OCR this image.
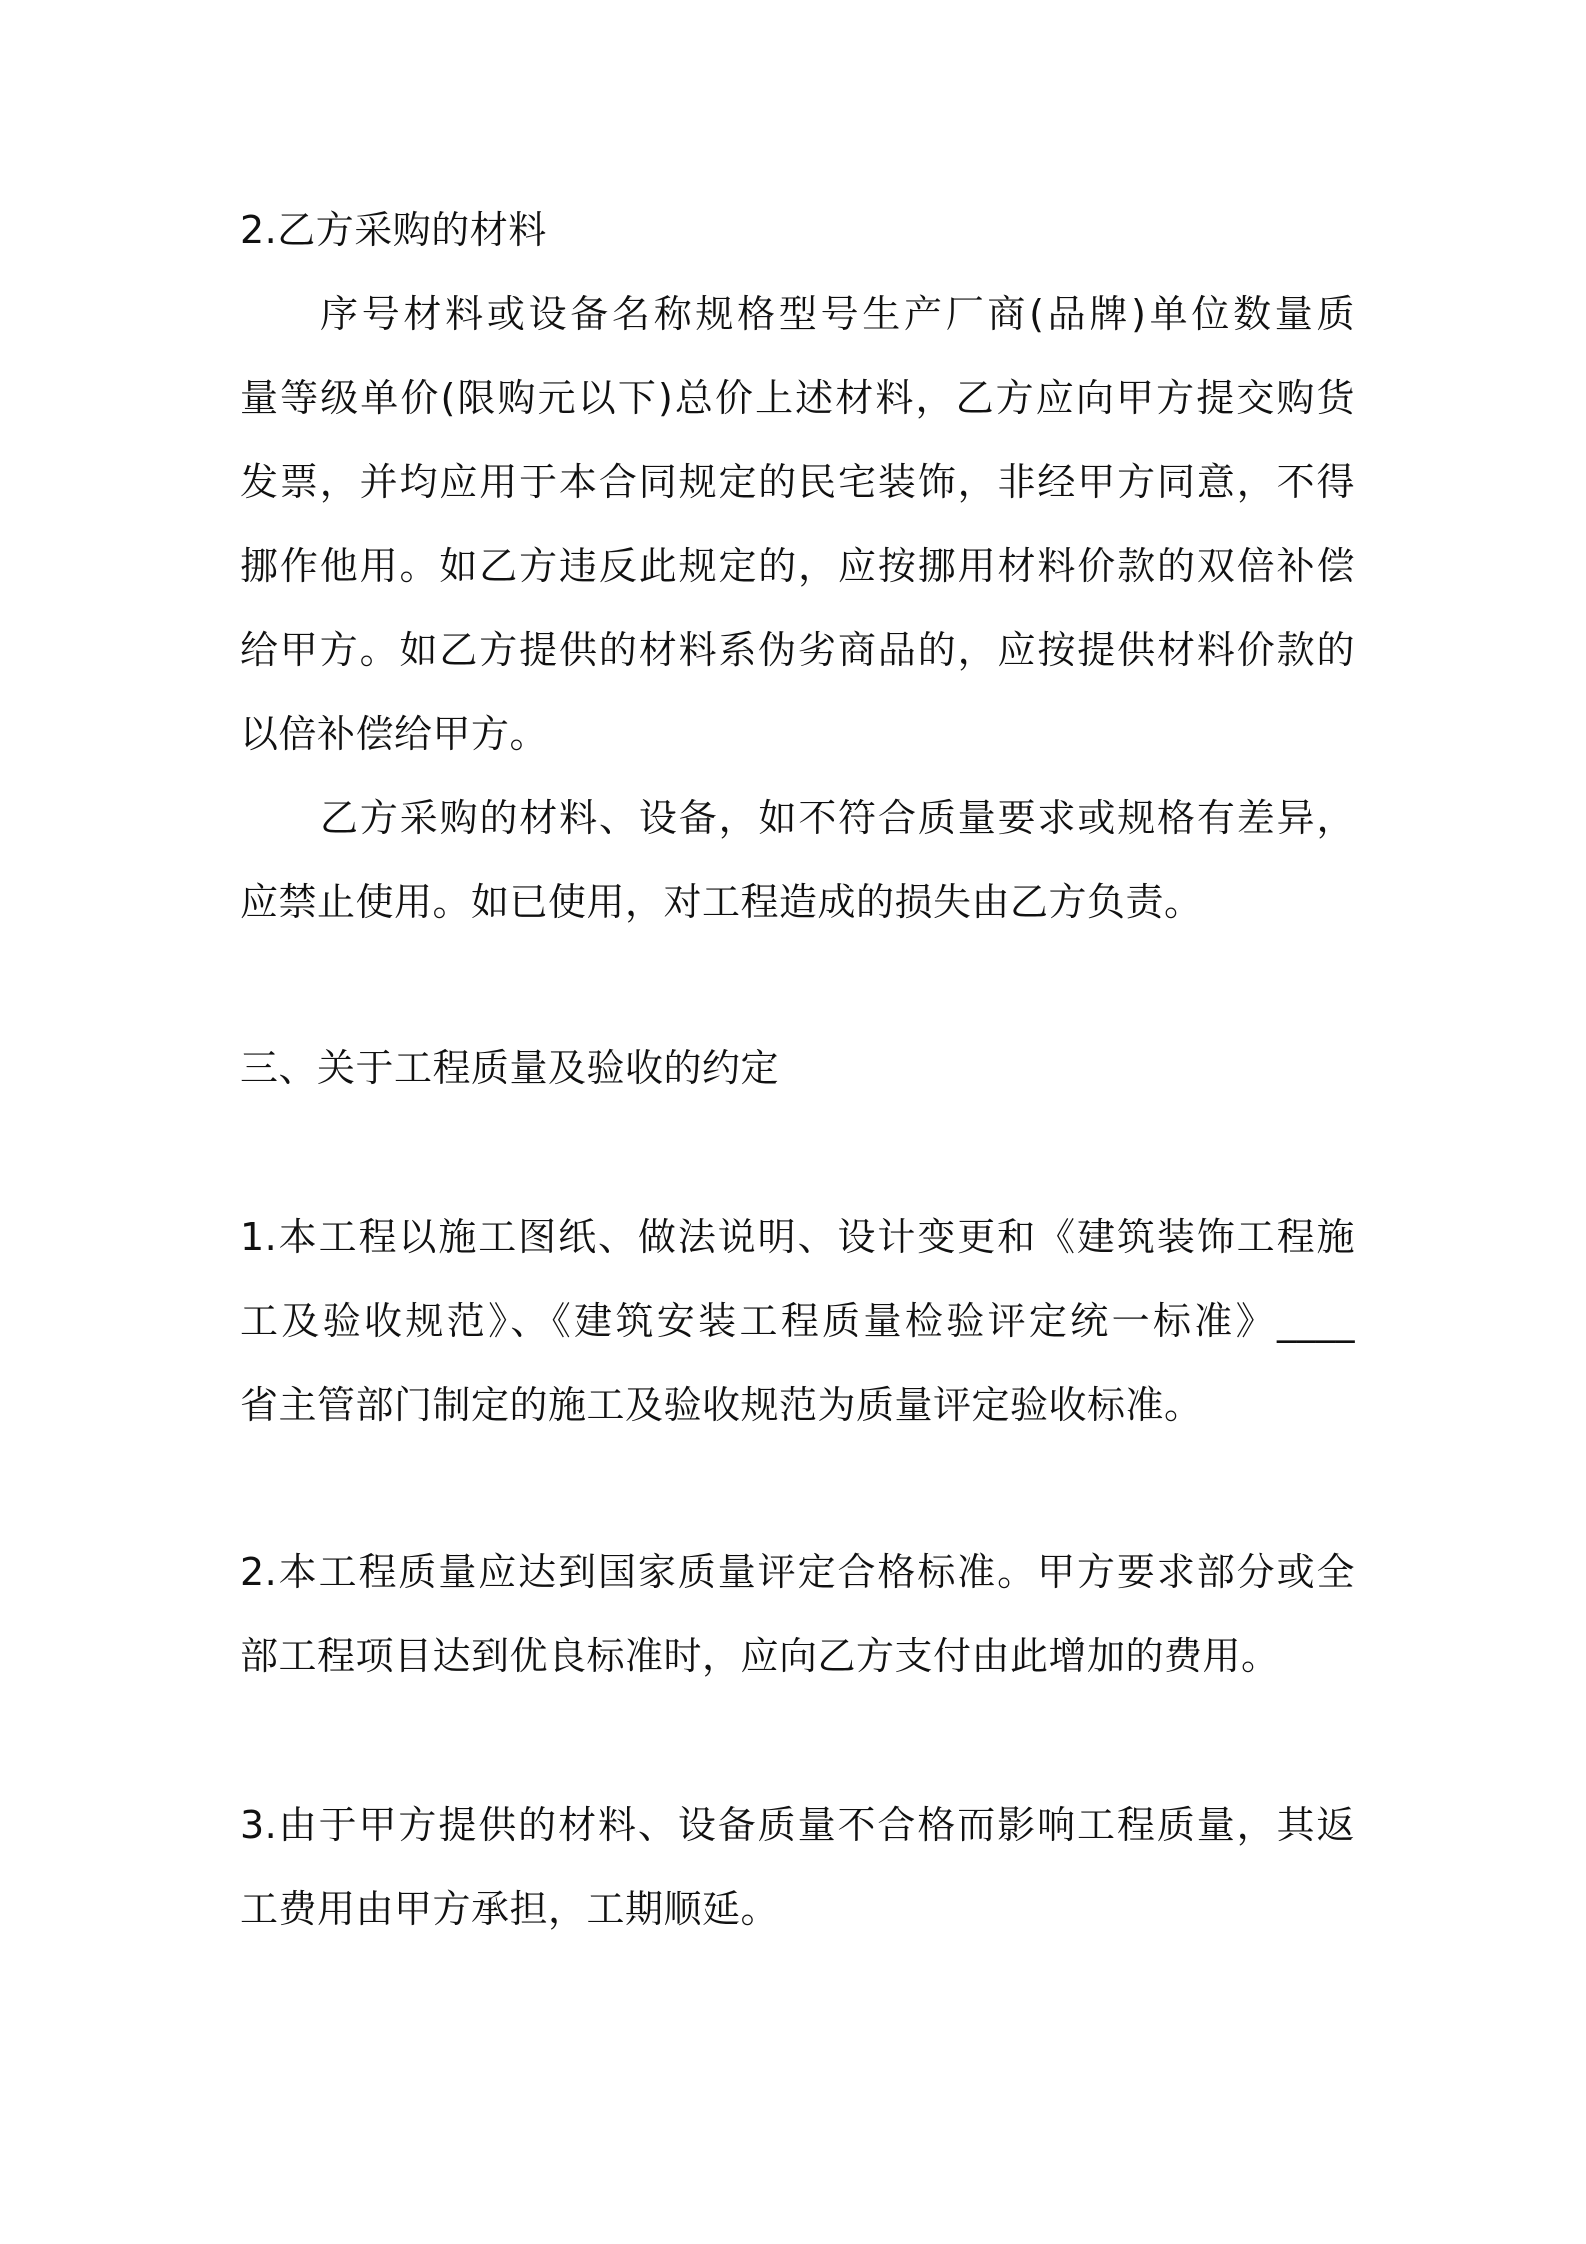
2.乙方采购的材料
序号材料或设备名称规格型号生产厂商(品牌)单位数量质
量等级单价(限购元以下)总价上述材料，乙方应向甲方提交购货
发票，并均应用于本合同规定的民宅装饰，非经甲方同意，不得
挪作他用。如乙方违反此规定的，应按挪用材料价款的双倍补偿
给甲方。如乙方提供的材料系伪劣商品的，应按提供材料价款的
以倍补偿给甲方。
乙方采购的材料、设备，如不符合质量要求或规格有差异，
应禁止使用。如已使用，对工程造成的损失由乙方负责。
三、关于工程质量及验收的约定
1.本工程以施工图纸、做法说明、设计变更和《建筑装饰工程施
工及验收规范》、《建筑安装工程质量检验评定统一标准》____
省主管部门制定的施工及验收规范为质量评定验收标准。
2.本工程质量应达到国家质量评定合格标准。甲方要求部分或全
部工程项目达到优良标准时，应向乙方支付由此增加的费用。
3.由于甲方提供的材料、设备质量不合格而影响工程质量，其返
工费用由甲方承担，工期顺延。
